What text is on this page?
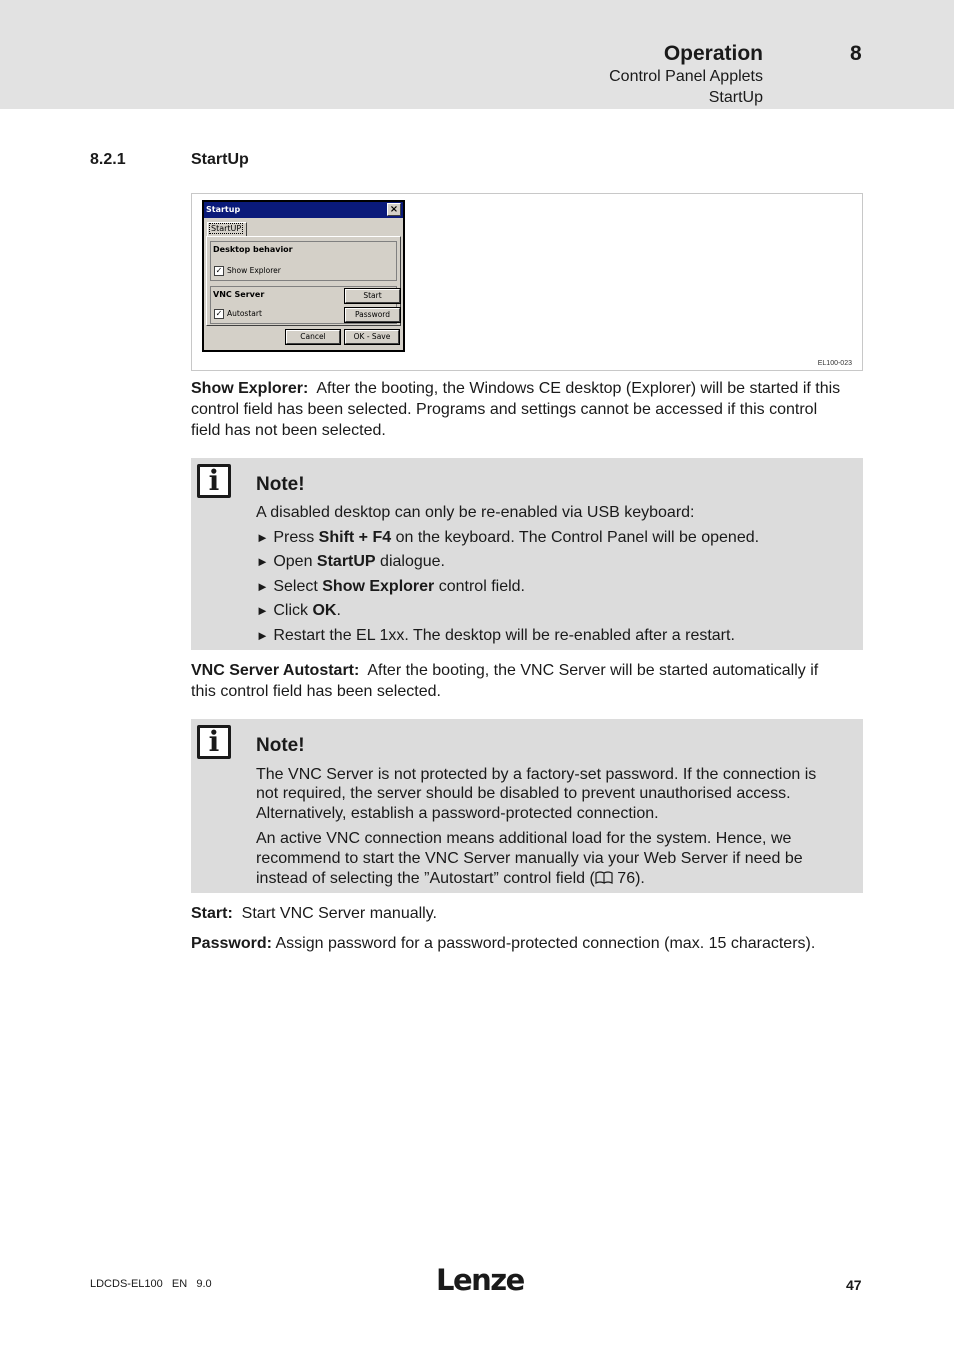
Operation	8
Control Panel Applets
StartUp
8.2.1	StartUp
Startup	×
StartUP
Desktop behavior
✓ Show Explorer
VNC Server
✓ Autostart
Start
Password
Cancel	OK - Save
EL100-023

Show Explorer: After the booting, the Windows CE desktop (Explorer) will be started if this
control field has been selected. Programs and settings cannot be accessed if this control
field has not been selected.

i	Note!
A disabled desktop can only be re-enabled via USB keyboard:
► Press Shift + F4 on the keyboard. The Control Panel will be opened.
► Open StartUP dialogue.
► Select Show Explorer control field.
► Click OK.
► Restart the EL 1xx. The desktop will be re-enabled after a restart.

VNC Server Autostart: After the booting, the VNC Server will be started automatically if
this control field has been selected.

i	Note!
The VNC Server is not protected by a factory-set password. If the connection is
not required, the server should be disabled to prevent unauthorised access.
Alternatively, establish a password-protected connection.
An active VNC connection means additional load for the system. Hence, we
recommend to start the VNC Server manually via your Web Server if need be
instead of selecting the ”Autostart” control field ( 76).

Start: Start VNC Server manually.

Password: Assign password for a password-protected connection (max. 15 characters).

LDCDS-EL100   EN   9.0	Lenze	47
